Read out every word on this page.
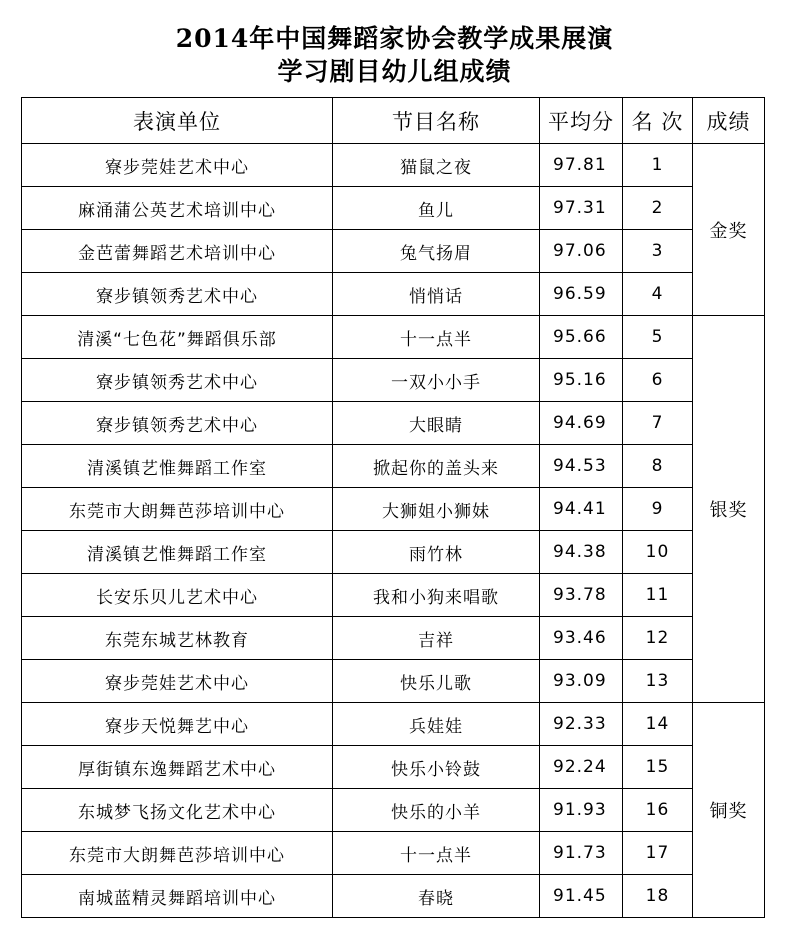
2014年中国舞蹈家协会教学成果展演
学习剧目幼儿组成绩
表演单位	节目名称	平均分	名 次	成绩
寮步莞娃艺术中心	猫鼠之夜	97.81	1	金奖
麻涌蒲公英艺术培训中心	鱼儿	97.31	2	
金芭蕾舞蹈艺术培训中心	兔气扬眉	97.06	3	
寮步镇领秀艺术中心	悄悄话	96.59	4	
清溪“七色花”舞蹈俱乐部	十一点半	95.66	5	银奖
寮步镇领秀艺术中心	一双小小手	95.16	6	
寮步镇领秀艺术中心	大眼睛	94.69	7	
清溪镇艺惟舞蹈工作室	掀起你的盖头来	94.53	8	
东莞市大朗舞芭莎培训中心	大狮姐小狮妹	94.41	9	
清溪镇艺惟舞蹈工作室	雨竹林	94.38	10	
长安乐贝儿艺术中心	我和小狗来唱歌	93.78	11	
东莞东城艺林教育	吉祥	93.46	12	
寮步莞娃艺术中心	快乐儿歌	93.09	13	
寮步天悦舞艺中心	兵娃娃	92.33	14	铜奖
厚街镇东逸舞蹈艺术中心	快乐小铃鼓	92.24	15	
东城梦飞扬文化艺术中心	快乐的小羊	91.93	16	
东莞市大朗舞芭莎培训中心	十一点半	91.73	17	
南城蓝精灵舞蹈培训中心	春晓	91.45	18	
